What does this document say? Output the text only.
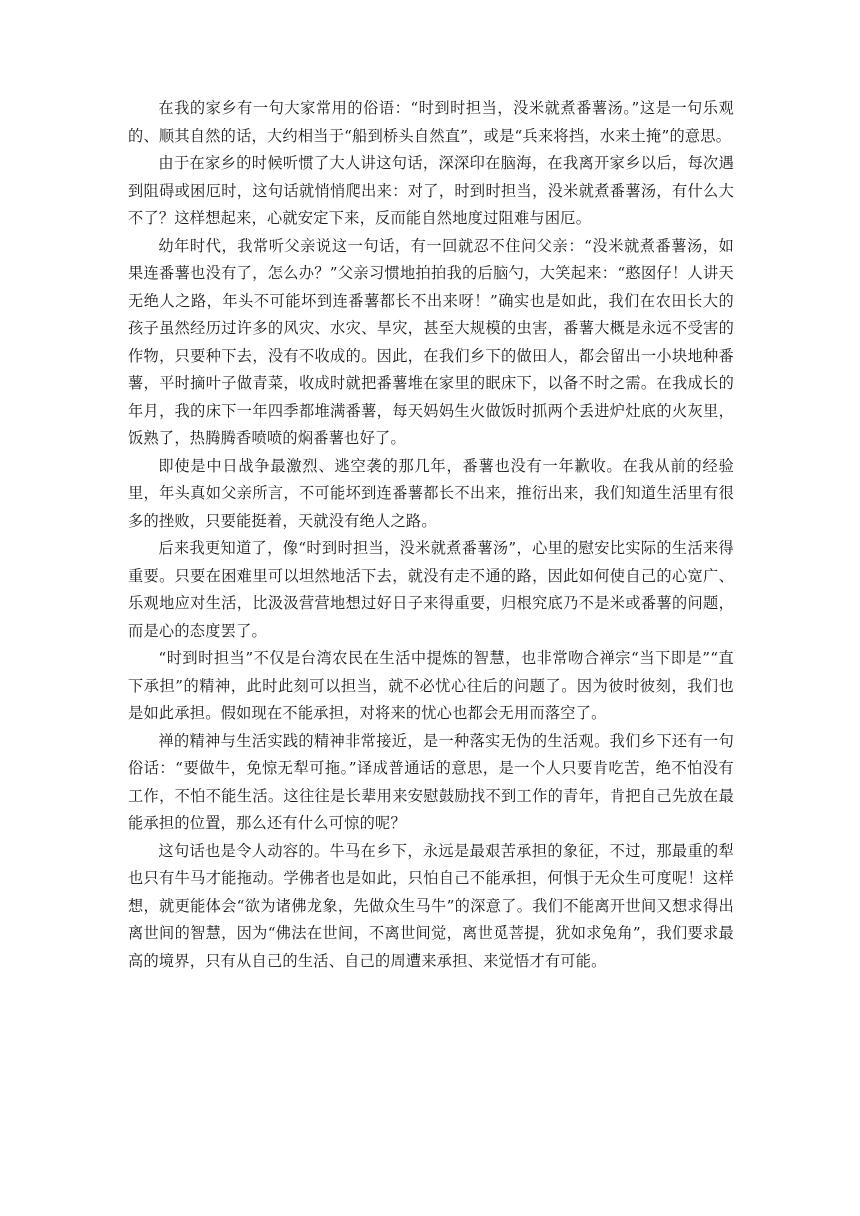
在我的家乡有一句大家常用的俗语：“时到时担当，没米就煮番薯汤。”这是一句乐观的、顺其自然的话，大约相当于“船到桥头自然直”，或是“兵来将挡，水来土掩”的意思。

由于在家乡的时候听惯了大人讲这句话，深深印在脑海，在我离开家乡以后，每次遇到阻碍或困厄时，这句话就悄悄爬出来：对了，时到时担当，没米就煮番薯汤，有什么大不了？这样想起来，心就安定下来，反而能自然地度过阻难与困厄。

幼年时代，我常听父亲说这一句话，有一回就忍不住问父亲：“没米就煮番薯汤，如果连番薯也没有了，怎么办？”父亲习惯地拍拍我的后脑勺，大笑起来：“憨囡仔！人讲天无绝人之路，年头不可能坏到连番薯都长不出来呀！”确实也是如此，我们在农田长大的孩子虽然经历过许多的风灾、水灾、旱灾，甚至大规模的虫害，番薯大概是永远不受害的作物，只要种下去，没有不收成的。因此，在我们乡下的做田人，都会留出一小块地种番薯，平时摘叶子做青菜，收成时就把番薯堆在家里的眠床下，以备不时之需。在我成长的年月，我的床下一年四季都堆满番薯，每天妈妈生火做饭时抓两个丢进炉灶底的火灰里，饭熟了，热腾腾香喷喷的焖番薯也好了。

即使是中日战争最激烈、逃空袭的那几年，番薯也没有一年歉收。在我从前的经验里，年头真如父亲所言，不可能坏到连番薯都长不出来，推衍出来，我们知道生活里有很多的挫败，只要能挺着，天就没有绝人之路。

后来我更知道了，像“时到时担当，没米就煮番薯汤”，心里的慰安比实际的生活来得重要。只要在困难里可以坦然地活下去，就没有走不通的路，因此如何使自己的心宽广、乐观地应对生活，比汲汲营营地想过好日子来得重要，归根究底乃不是米或番薯的问题，而是心的态度罢了。

“时到时担当”不仅是台湾农民在生活中提炼的智慧，也非常吻合禅宗“当下即是”“直下承担”的精神，此时此刻可以担当，就不必忧心往后的问题了。因为彼时彼刻，我们也是如此承担。假如现在不能承担，对将来的忧心也都会无用而落空了。

禅的精神与生活实践的精神非常接近，是一种落实无伪的生活观。我们乡下还有一句俗话：“要做牛，免惊无犁可拖。”译成普通话的意思，是一个人只要肯吃苦，绝不怕没有工作，不怕不能生活。这往往是长辈用来安慰鼓励找不到工作的青年，肯把自己先放在最能承担的位置，那么还有什么可惊的呢？

这句话也是令人动容的。牛马在乡下，永远是最艰苦承担的象征，不过，那最重的犁也只有牛马才能拖动。学佛者也是如此，只怕自己不能承担，何惧于无众生可度呢！这样想，就更能体会“欲为诸佛龙象，先做众生马牛”的深意了。我们不能离开世间又想求得出离世间的智慧，因为“佛法在世间，不离世间觉，离世觅菩提，犹如求兔角”，我们要求最高的境界，只有从自己的生活、自己的周遭来承担、来觉悟才有可能。
